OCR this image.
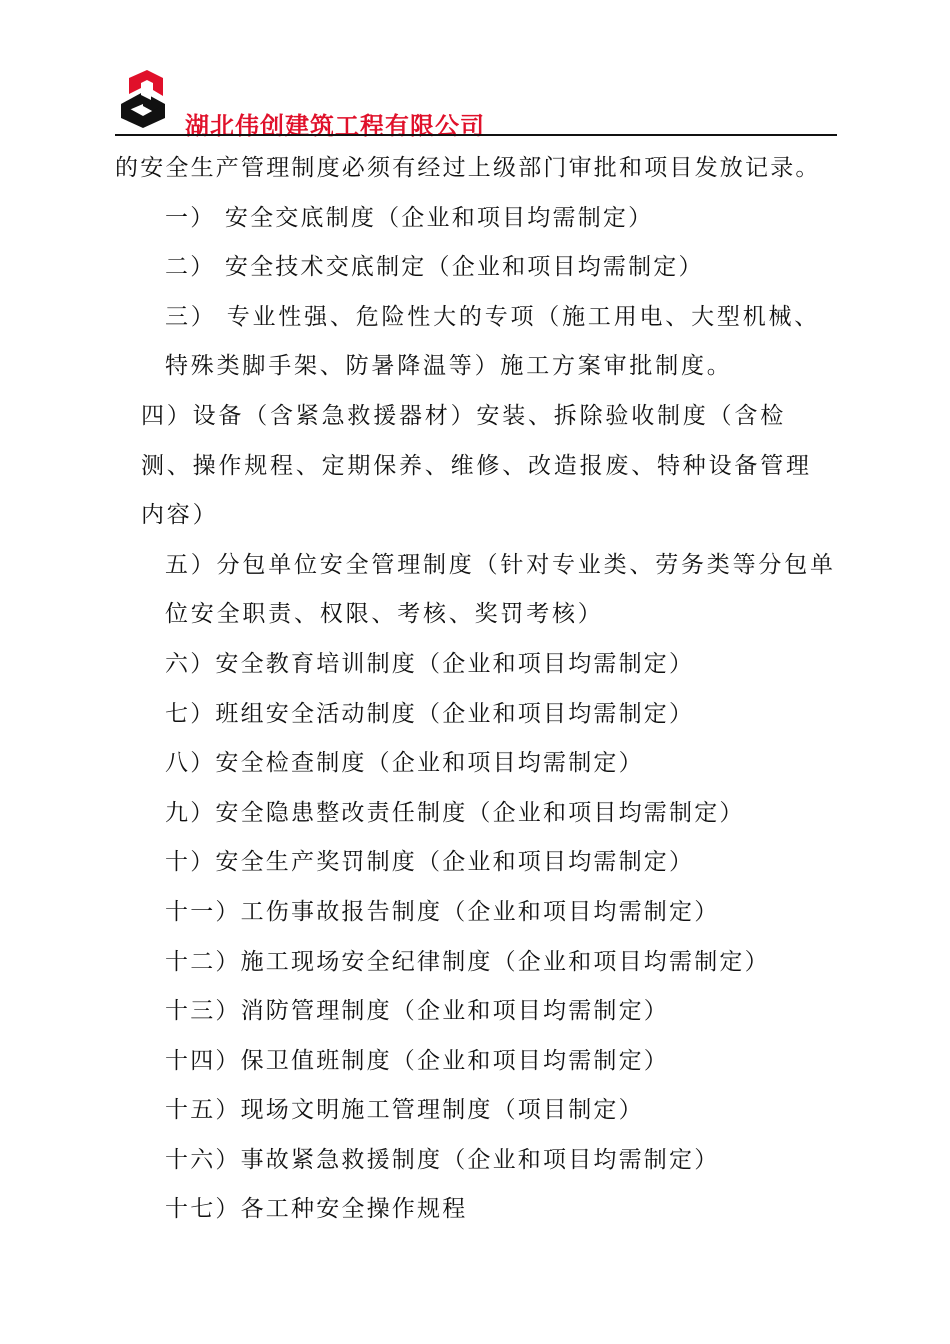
湖北伟创建筑工程有限公司

的安全生产管理制度必须有经过上级部门审批和项目发放记录。

一） 安全交底制度（企业和项目均需制定）

二） 安全技术交底制定（企业和项目均需制定）

三） 专业性强、危险性大的专项（施工用电、大型机械、特殊类脚手架、防暑降温等）施工方案审批制度。

四）设备（含紧急救援器材）安装、拆除验收制度（含检测、操作规程、定期保养、维修、改造报废、特种设备管理内容）

五）分包单位安全管理制度（针对专业类、劳务类等分包单位安全职责、权限、考核、奖罚考核）

六）安全教育培训制度（企业和项目均需制定）

七）班组安全活动制度（企业和项目均需制定）

八）安全检查制度（企业和项目均需制定）

九）安全隐患整改责任制度（企业和项目均需制定）

十）安全生产奖罚制度（企业和项目均需制定）

十一）工伤事故报告制度（企业和项目均需制定）

十二）施工现场安全纪律制度（企业和项目均需制定）

十三）消防管理制度（企业和项目均需制定）

十四）保卫值班制度（企业和项目均需制定）

十五）现场文明施工管理制度（项目制定）

十六）事故紧急救援制度（企业和项目均需制定）

十七）各工种安全操作规程
